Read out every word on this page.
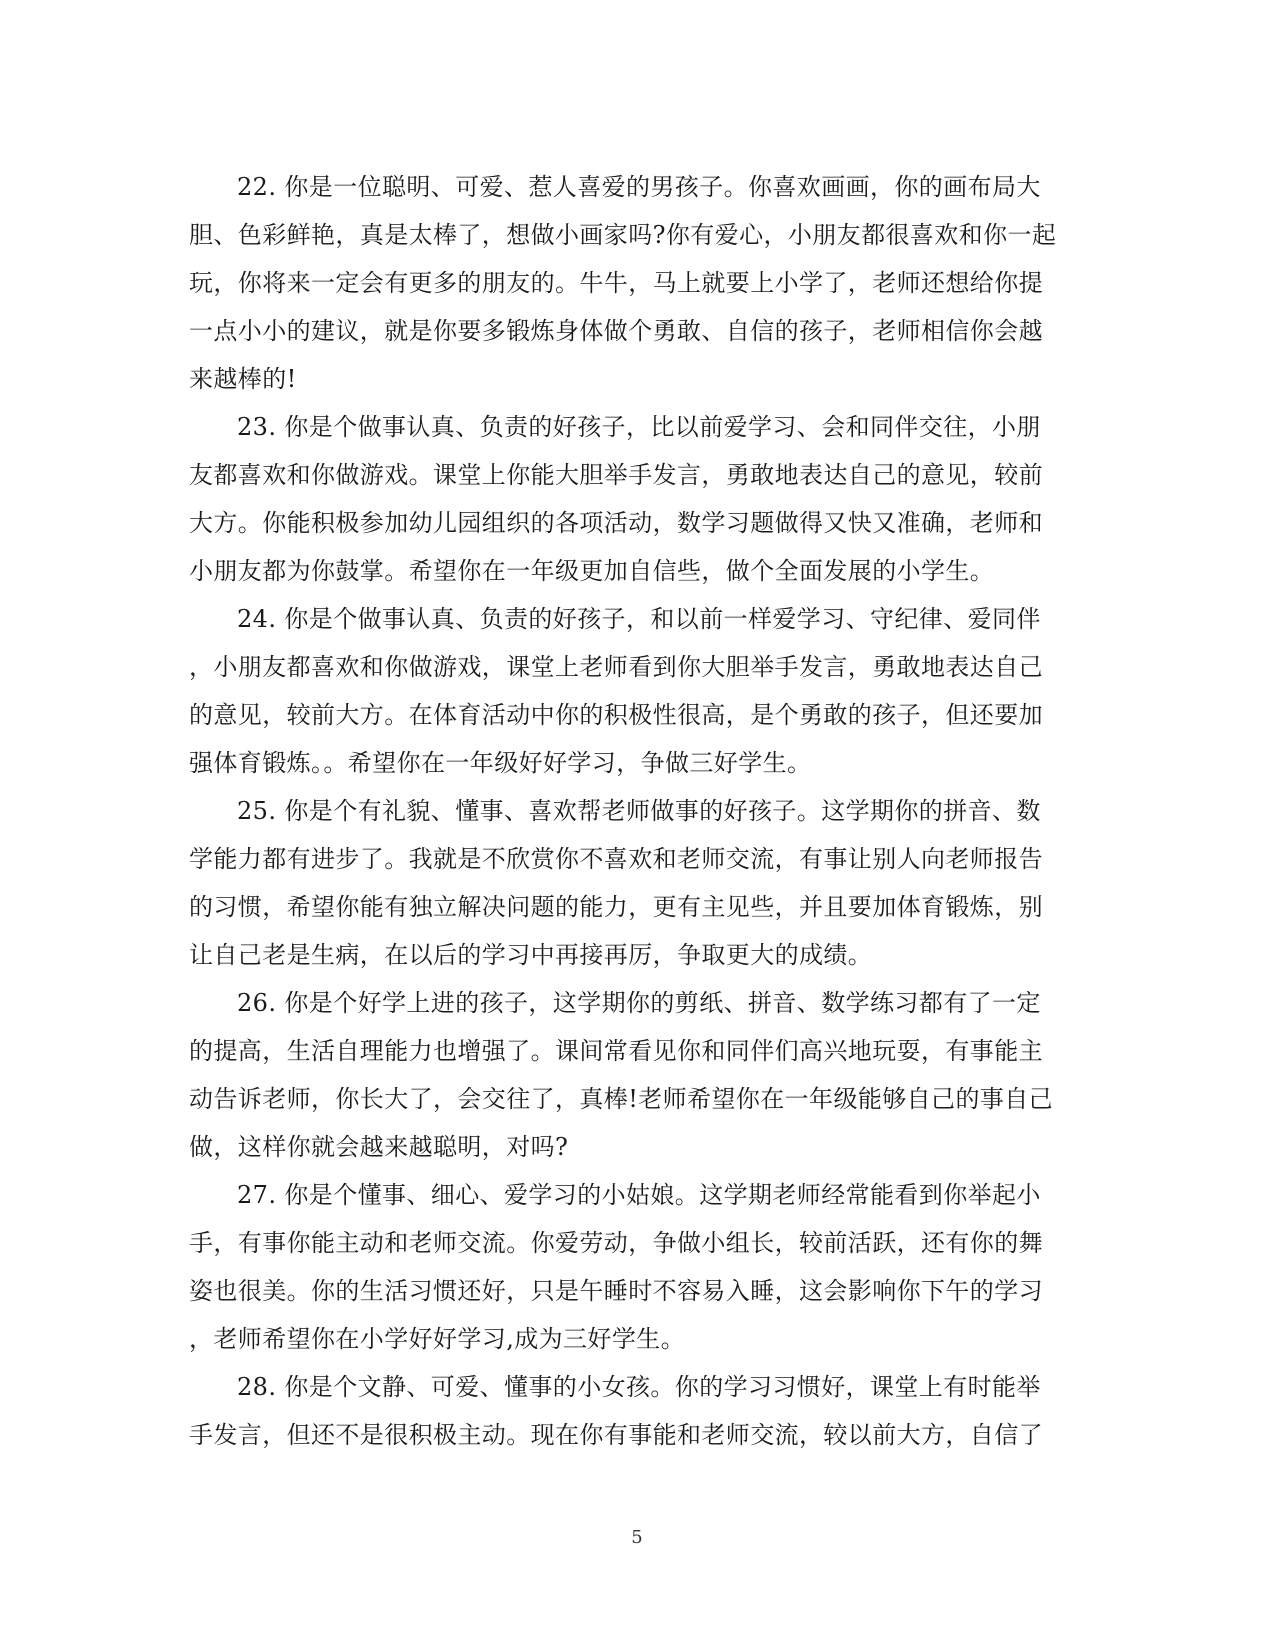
22. 你是一位聪明、可爱、惹人喜爱的男孩子。你喜欢画画，你的画布局大
胆、色彩鲜艳，真是太棒了，想做小画家吗?你有爱心，小朋友都很喜欢和你一起
玩，你将来一定会有更多的朋友的。牛牛，马上就要上小学了，老师还想给你提
一点小小的建议，就是你要多锻炼身体做个勇敢、自信的孩子，老师相信你会越
来越棒的!
23. 你是个做事认真、负责的好孩子，比以前爱学习、会和同伴交往，小朋
友都喜欢和你做游戏。课堂上你能大胆举手发言，勇敢地表达自己的意见，较前
大方。你能积极参加幼儿园组织的各项活动，数学习题做得又快又准确，老师和
小朋友都为你鼓掌。希望你在一年级更加自信些，做个全面发展的小学生。
24. 你是个做事认真、负责的好孩子，和以前一样爱学习、守纪律、爱同伴
，小朋友都喜欢和你做游戏，课堂上老师看到你大胆举手发言，勇敢地表达自己
的意见，较前大方。在体育活动中你的积极性很高，是个勇敢的孩子，但还要加
强体育锻炼。。希望你在一年级好好学习，争做三好学生。
25. 你是个有礼貌、懂事、喜欢帮老师做事的好孩子。这学期你的拼音、数
学能力都有进步了。我就是不欣赏你不喜欢和老师交流，有事让别人向老师报告
的习惯，希望你能有独立解决问题的能力，更有主见些，并且要加体育锻炼，别
让自己老是生病，在以后的学习中再接再厉，争取更大的成绩。
26. 你是个好学上进的孩子，这学期你的剪纸、拼音、数学练习都有了一定
的提高，生活自理能力也增强了。课间常看见你和同伴们高兴地玩耍，有事能主
动告诉老师，你长大了，会交往了，真棒!老师希望你在一年级能够自己的事自己
做，这样你就会越来越聪明，对吗?
27. 你是个懂事、细心、爱学习的小姑娘。这学期老师经常能看到你举起小
手，有事你能主动和老师交流。你爱劳动，争做小组长，较前活跃，还有你的舞
姿也很美。你的生活习惯还好，只是午睡时不容易入睡，这会影响你下午的学习
，老师希望你在小学好好学习,成为三好学生。
28. 你是个文静、可爱、懂事的小女孩。你的学习习惯好，课堂上有时能举
手发言，但还不是很积极主动。现在你有事能和老师交流，较以前大方，自信了
5
